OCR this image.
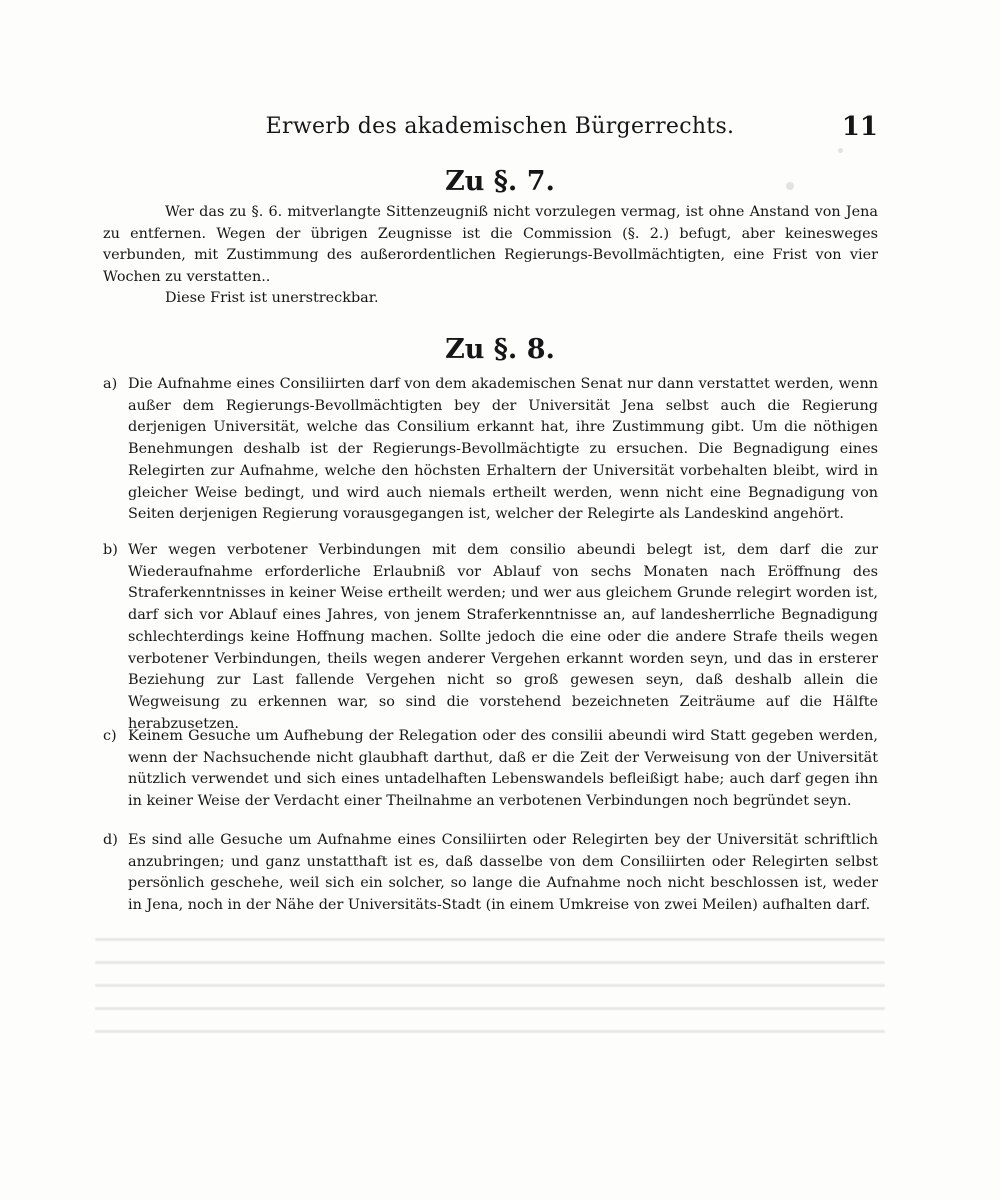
Erwerb des akademischen Bürgerrechts.	11
Zu §. 7.
Wer das zu §. 6. mitverlangte Sittenzeugniß nicht vorzulegen vermag, ist ohne Anstand von Jena zu entfernen. Wegen der übrigen Zeugnisse ist die Commission (§. 2.) befugt, aber keinesweges verbunden, mit Zustimmung des außerordentlichen Regierungs-Bevollmächtigten, eine Frist von vier Wochen zu verstatten..
Diese Frist ist unerstreckbar.
Zu §. 8.
a) Die Aufnahme eines Consiliirten darf von dem akademischen Senat nur dann verstattet werden, wenn außer dem Regierungs-Bevollmächtigten bey der Universität Jena selbst auch die Regierung derjenigen Universität, welche das Consilium erkannt hat, ihre Zustimmung gibt. Um die nöthigen Benehmungen deshalb ist der Regierungs-Bevollmächtigte zu ersuchen. Die Begnadigung eines Relegirten zur Aufnahme, welche den höchsten Erhaltern der Universität vorbehalten bleibt, wird in gleicher Weise bedingt, und wird auch niemals ertheilt werden, wenn nicht eine Begnadigung von Seiten derjenigen Regierung vorausgegangen ist, welcher der Relegirte als Landeskind angehört.
b) Wer wegen verbotener Verbindungen mit dem consilio abeundi belegt ist, dem darf die zur Wiederaufnahme erforderliche Erlaubniß vor Ablauf von sechs Monaten nach Eröffnung des Straferkenntnisses in keiner Weise ertheilt werden; und wer aus gleichem Grunde relegirt worden ist, darf sich vor Ablauf eines Jahres, von jenem Straferkenntnisse an, auf landesherrliche Begnadigung schlechterdings keine Hoffnung machen. Sollte jedoch die eine oder die andere Strafe theils wegen verbotener Verbindungen, theils wegen anderer Vergehen erkannt worden seyn, und das in ersterer Beziehung zur Last fallende Vergehen nicht so groß gewesen seyn, daß deshalb allein die Wegweisung zu erkennen war, so sind die vorstehend bezeichneten Zeiträume auf die Hälfte herabzusetzen.
c) Keinem Gesuche um Aufhebung der Relegation oder des consilii abeundi wird Statt gegeben werden, wenn der Nachsuchende nicht glaubhaft darthut, daß er die Zeit der Verweisung von der Universität nützlich verwendet und sich eines untadelhaften Lebenswandels befleißigt habe; auch darf gegen ihn in keiner Weise der Verdacht einer Theilnahme an verbotenen Verbindungen noch begründet seyn.
d) Es sind alle Gesuche um Aufnahme eines Consiliirten oder Relegirten bey der Universität schriftlich anzubringen; und ganz unstatthaft ist es, daß dasselbe von dem Consiliirten oder Relegirten selbst persönlich geschehe, weil sich ein solcher, so lange die Aufnahme noch nicht beschlossen ist, weder in Jena, noch in der Nähe der Universitäts-Stadt (in einem Umkreise von zwei Meilen) aufhalten darf.
